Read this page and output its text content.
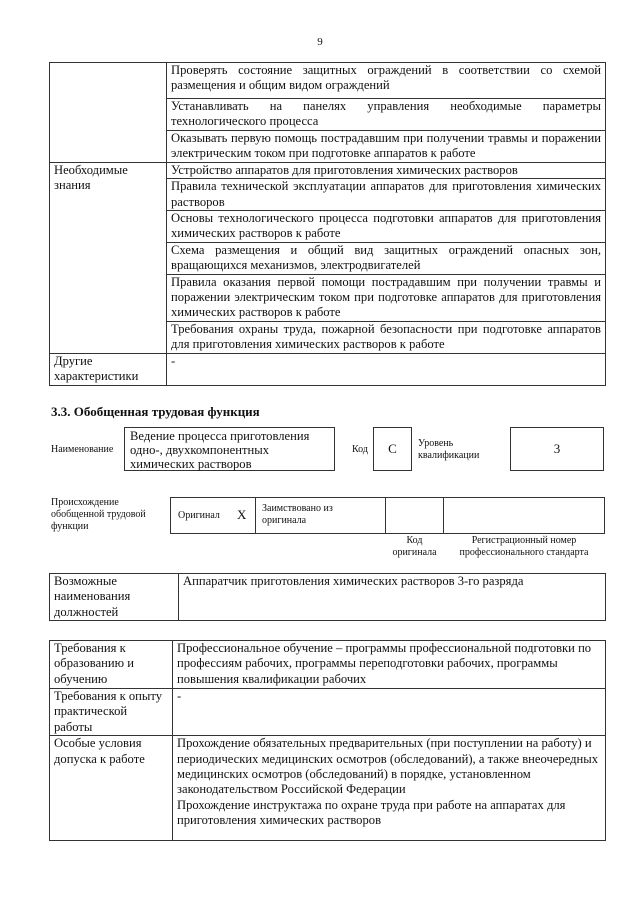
9
	Проверять состояние защитных ограждений в соответствии со схемой размещения и общим видом ограждений
	Устанавливать на панелях управления необходимые параметры технологического процесса
	Оказывать первую помощь пострадавшим при получении травмы и поражении электрическим током при подготовке аппаратов к работе
Необходимые знания	Устройство аппаратов для приготовления химических растворов
	Правила технической эксплуатации аппаратов для приготовления химических растворов
	Основы технологического процесса подготовки аппаратов для приготовления химических растворов к работе
	Схема размещения и общий вид защитных ограждений опасных зон, вращающихся механизмов, электродвигателей
	Правила оказания первой помощи пострадавшим при получении травмы и поражении электрическим током при подготовке аппаратов для приготовления химических растворов к работе
	Требования охраны труда, пожарной безопасности при подготовке аппаратов для приготовления химических растворов к работе
Другие характеристики	-
3.3. Обобщенная трудовая функция
Наименование
Ведение процесса приготовления одно-, двухкомпонентных химических растворов
Код	C	Уровень квалификации	3
Происхождение обобщенной трудовой функции
Оригинал X	Заимствовано из оригинала
Код оригинала
Регистрационный номер профессионального стандарта
Возможные наименования должностей	Аппаратчик приготовления химических растворов 3-го разряда
Требования к образованию и обучению	Профессиональное обучение – программы профессиональной подготовки по профессиям рабочих, программы переподготовки рабочих, программы повышения квалификации рабочих
Требования к опыту практической работы	-
Особые условия допуска к работе	Прохождение обязательных предварительных (при поступлении на работу) и периодических медицинских осмотров (обследований), а также внеочередных медицинских осмотров (обследований) в порядке, установленном законодательством Российской Федерации
Прохождение инструктажа по охране труда при работе на аппаратах для приготовления химических растворов
